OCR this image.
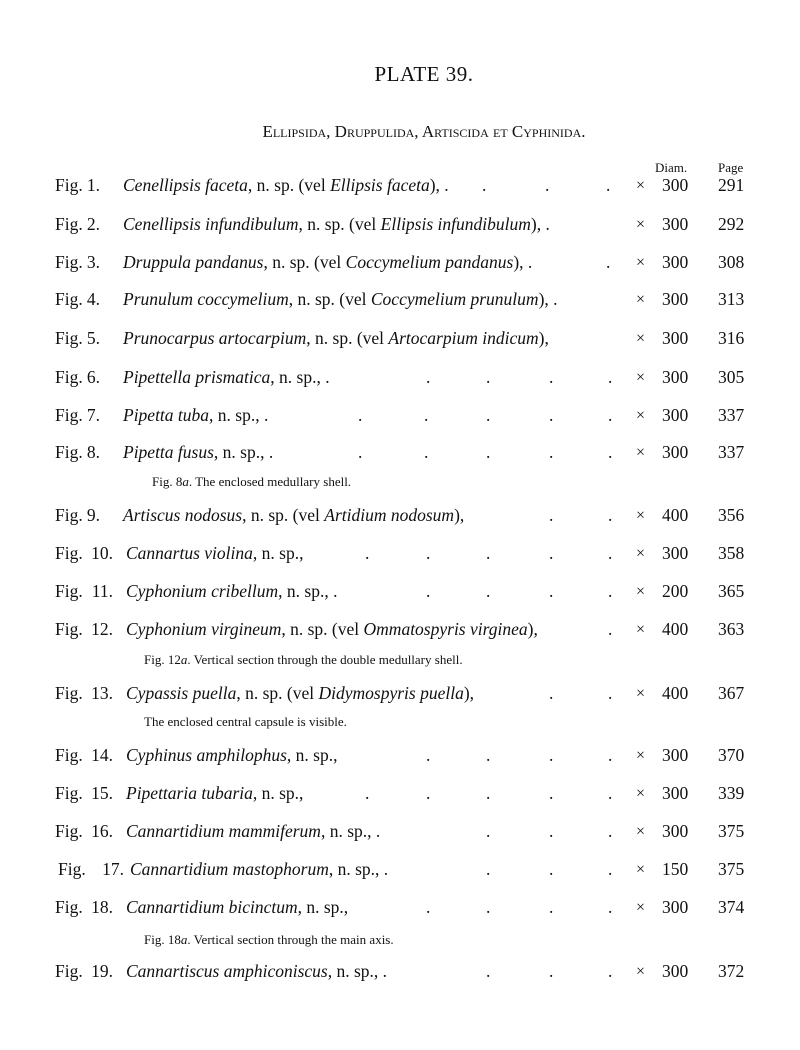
PLATE 39.
Ellipsida, Druppulida, Artiscida et Cyphinida.
Diam. Page
Fig. 1. Cenellipsis faceta, n. sp. (vel Ellipsis faceta), . .	.	. × 300 291
Fig. 2. Cenellipsis infundibulum, n. sp. (vel Ellipsis infundibulum), .	× 300 292
Fig. 3. Druppula pandanus, n. sp. (vel Coccymelium pandanus), .	. × 300 308
Fig. 4. Prunulum coccymelium, n. sp. (vel Coccymelium prunulum), .	× 300 313
Fig. 5. Prunocarpus artocarpium, n. sp. (vel Artocarpium indicum),	× 300 316
Fig. 6. Pipettella prismatica, n. sp., .	.	.	.	. × 300 305
Fig. 7. Pipetta tuba, n. sp., .	.	.	.	.	. × 300 337
Fig. 8. Pipetta fusus, n. sp., .	.	.	.	.	. × 300 337
Fig. 8a. The enclosed medullary shell.
Fig. 9. Artiscus nodosus, n. sp. (vel Artidium nodosum),	.	. × 400 356
Fig. 10. Cannartus violina, n. sp.,	.	.	.	.	. × 300 358
Fig. 11. Cyphonium cribellum, n. sp., .	.	.	.	. × 200 365
Fig. 12. Cyphonium virgineum, n. sp. (vel Ommatospyris virginea),	. × 400 363
Fig. 12a. Vertical section through the double medullary shell.
Fig. 13. Cypassis puella, n. sp. (vel Didymospyris puella),	.	. × 400 367
The enclosed central capsule is visible.
Fig. 14. Cyphinus amphilophus, n. sp.,	.	.	.	. × 300 370
Fig. 15. Pipettaria tubaria, n. sp.,	.	.	.	.	. × 300 339
Fig. 16. Cannartidium mammiferum, n. sp., .	.	.	. × 300 375
Fig. 17. Cannartidium mastophorum, n. sp., .	.	.	. × 150 375
Fig. 18. Cannartidium bicinctum, n. sp.,	.	.	.	. × 300 374
Fig. 18a. Vertical section through the main axis.
Fig. 19. Cannartiscus amphiconiscus, n. sp., .	.	.	. × 300 372
